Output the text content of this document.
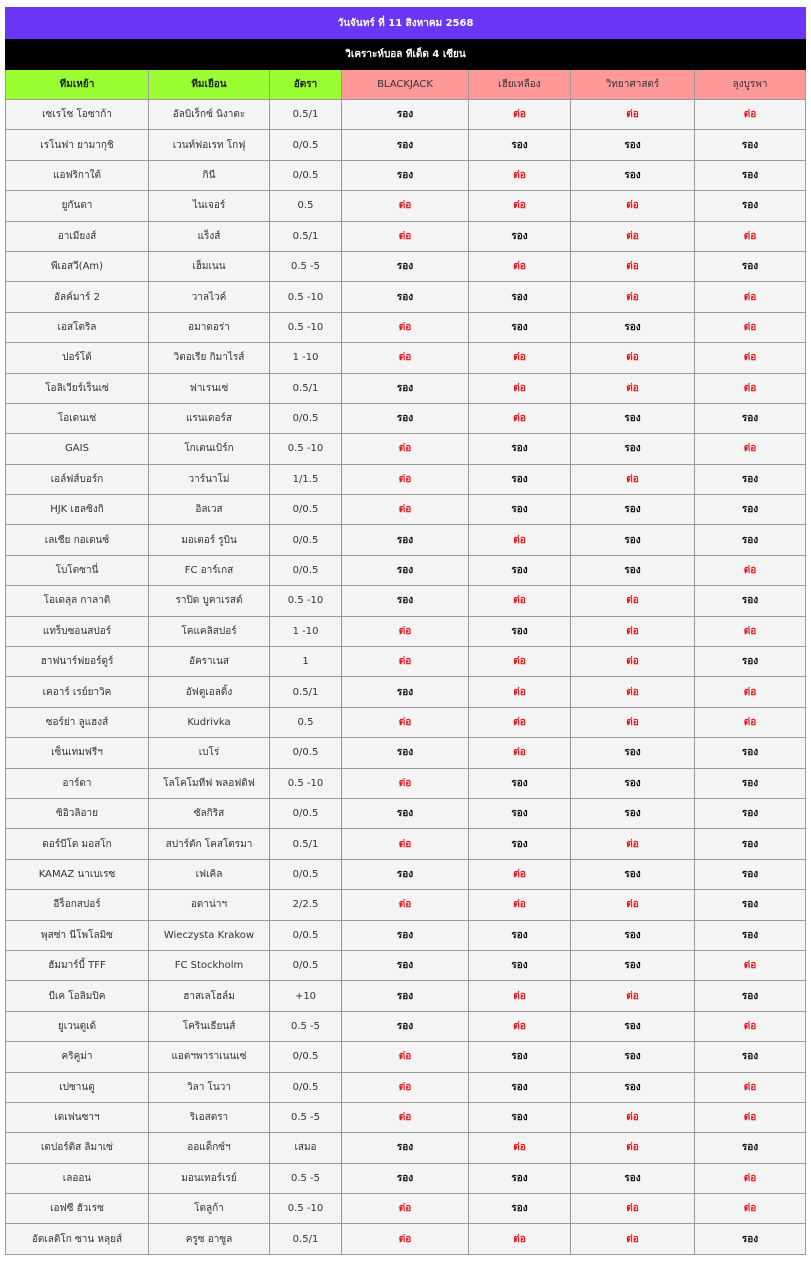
วันจันทร์ ที่ 11 สิงหาคม 2568						
วิเคราะห์บอล ทีเด็ด 4 เซียน						
ทีมเหย้า	ทีมเยือน	อัตรา	BLACKJACK	เฮียเหลือง	วิทยาศาสตร์	ลุงบูรพา
เซเรโซ โอซาก้า	อัลบิเร็กซ์ นิงาตะ	0.5/1	รอง	ต่อ	ต่อ	ต่อ
เรโนฟา ยามากุชิ	เวนท์ฟอเรท โกฟุ	0/0.5	รอง	รอง	รอง	รอง
แอฟริกาใต้	กินี	0/0.5	รอง	ต่อ	รอง	รอง
ยูกันดา	ไนเจอร์	0.5	ต่อ	ต่อ	ต่อ	รอง
อาเมียงส์	แร็งส์	0.5/1	ต่อ	รอง	ต่อ	ต่อ
พีเอสวี(Am)	เฮ็มเนน	0.5 -5	รอง	ต่อ	ต่อ	รอง
อัลค์มาร์ 2	วาลไวค์	0.5 -10	รอง	รอง	ต่อ	ต่อ
เอสโตริล	อมาดอร่า	0.5 -10	ต่อ	รอง	รอง	ต่อ
ปอร์โต้	วิตอเรีย กิมาไรส์	1 -10	ต่อ	ต่อ	ต่อ	ต่อ
โอลิเวียร์เร็นเซ่	ฟาเรนเซ่	0.5/1	รอง	ต่อ	ต่อ	ต่อ
โอเดนเซ่	แรนเดอร์ส	0/0.5	รอง	ต่อ	รอง	รอง
GAIS	โกเตนเบิร์ก	0.5 -10	ต่อ	รอง	รอง	ต่อ
เอล์ฟส์บอร์ก	วาร์นาโม่	1/1.5	ต่อ	รอง	ต่อ	รอง
HJK เฮลซิงกิ	อิลเวส	0/0.5	ต่อ	รอง	รอง	รอง
เลเชีย กอเดนซ์	มอเตอร์ รูบิน	0/0.5	รอง	ต่อ	รอง	รอง
โบโตซานี่	FC อาร์เกส	0/0.5	รอง	รอง	รอง	ต่อ
โอเดลุล กาลาติ	ราปิด บูคาเรสต์	0.5 -10	รอง	ต่อ	ต่อ	รอง
แทร็บซอนสปอร์	โคแคลิสปอร์	1 -10	ต่อ	รอง	ต่อ	ต่อ
ฮาฟนาร์ฟยอร์ดูร์	อัคราเนส	1	ต่อ	ต่อ	ต่อ	รอง
เคอาร์ เรย์ยาวิค	อัฟตูเอลดิ้ง	0.5/1	รอง	ต่อ	ต่อ	ต่อ
ซอร์ย่า ลูแฮงส์	Kudrivka	0.5	ต่อ	ต่อ	ต่อ	ต่อ
เซ็นเทมฟรีฯ	เบโร่	0/0.5	รอง	ต่อ	รอง	รอง
อาร์ดา	โลโคโมทีฟ พลอฟดิฟ	0.5 -10	ต่อ	รอง	รอง	รอง
ซิอิวลิอาย	ซัลกิริส	0/0.5	รอง	รอง	รอง	รอง
ดอร์บีโด มอสโก	สปาร์ตัก โคสโตรมา	0.5/1	ต่อ	รอง	ต่อ	รอง
KAMAZ นาเบเรซ	เฟเคิล	0/0.5	รอง	ต่อ	รอง	รอง
อีร็อกสปอร์	อดาน่าฯ	2/2.5	ต่อ	ต่อ	ต่อ	รอง
พุสซ่า นีโพโลมิซ	Wieczysta Krakow	0/0.5	รอง	รอง	รอง	รอง
ฮัมมาร์บี้ TFF	FC Stockholm	0/0.5	รอง	รอง	รอง	ต่อ
บีเค โอลิมปิค	ฮาสเลโฮล์ม	+10	รอง	ต่อ	ต่อ	รอง
ยูเวนตูเด้	โครินเธียนส์	0.5 -5	รอง	ต่อ	รอง	ต่อ
คริคูม่า	แอตฯพาราเนนเซ่	0/0.5	ต่อ	รอง	รอง	รอง
เปซานดู	วิลา โนวา	0/0.5	ต่อ	รอง	รอง	ต่อ
เดเฟนซาฯ	ริเอสตรา	0.5 -5	ต่อ	รอง	ต่อ	ต่อ
เดปอร์ติส ลิมาเซ่	ออแด็กซ์ฯ	เสมอ	รอง	ต่อ	ต่อ	รอง
เลออน	มอนเทอร์เรย์	0.5 -5	รอง	รอง	รอง	ต่อ
เอฟซี ฮัวเรซ	โตลูก้า	0.5 -10	ต่อ	รอง	ต่อ	ต่อ
อัตเลติโก ซาน หลุยส์	ครูซ อาซูล	0.5/1	ต่อ	ต่อ	ต่อ	รอง
